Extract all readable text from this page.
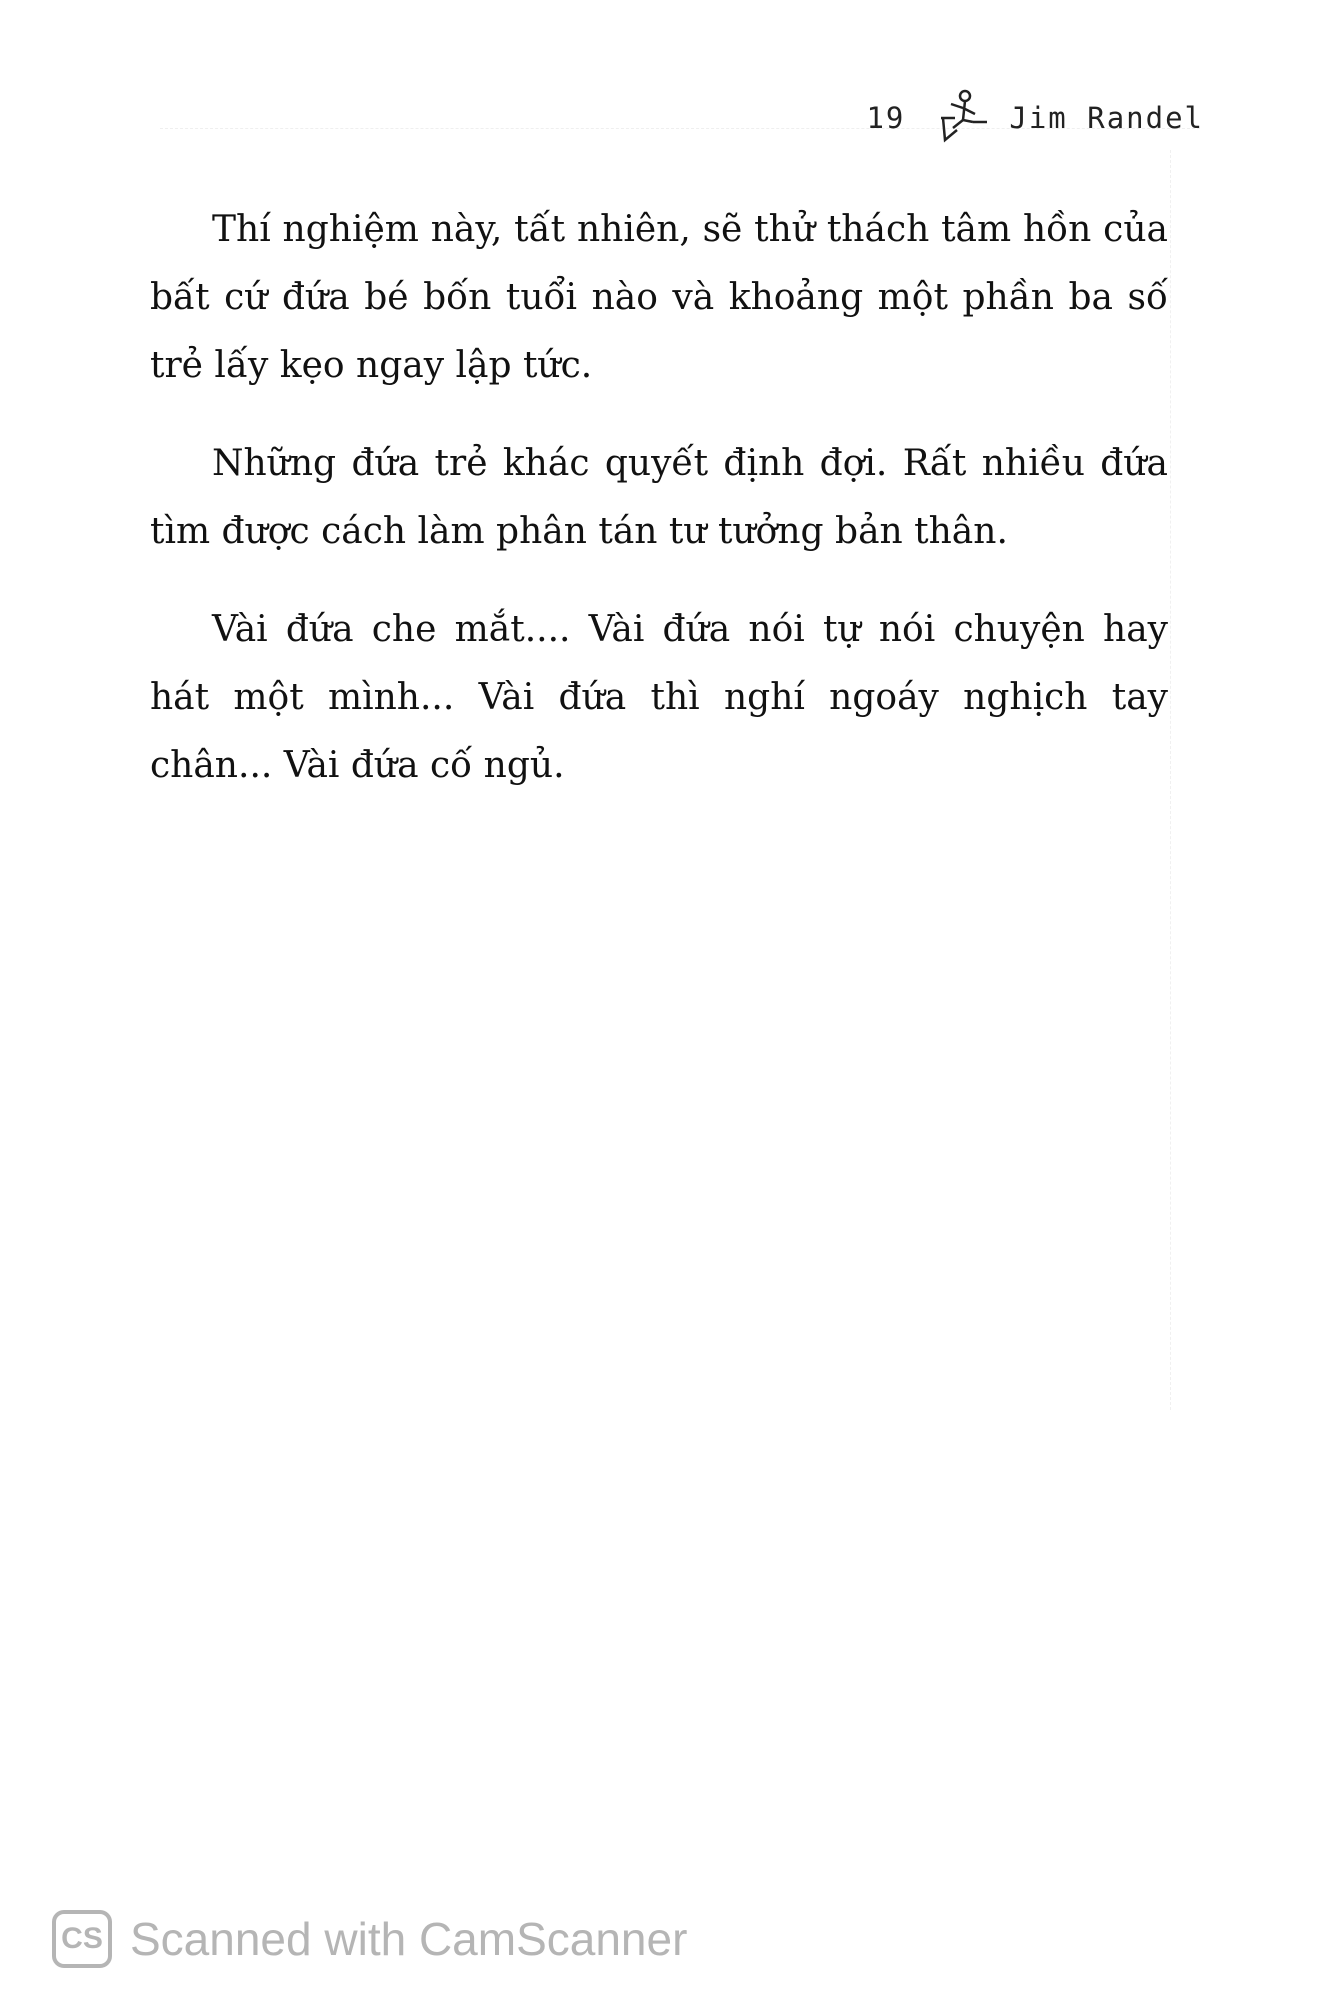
19	Jim Randel

Thí nghiệm này, tất nhiên, sẽ thử thách tâm hồn của bất cứ đứa bé bốn tuổi nào và khoảng một phần ba số trẻ lấy kẹo ngay lập tức.

Những đứa trẻ khác quyết định đợi. Rất nhiều đứa tìm được cách làm phân tán tư tưởng bản thân.

Vài đứa che mắt.... Vài đứa nói tự nói chuyện hay hát một mình... Vài đứa thì nghí ngoáy nghịch tay chân... Vài đứa cố ngủ.

CS Scanned with CamScanner
